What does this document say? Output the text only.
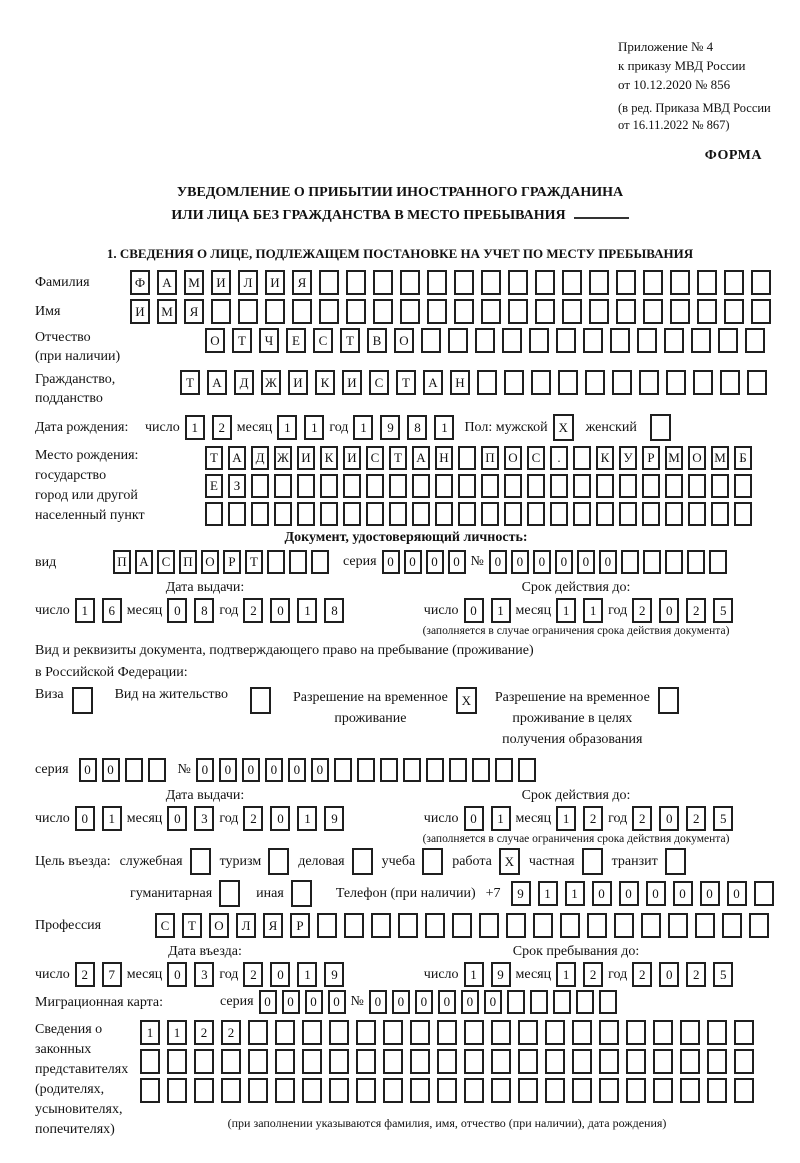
Приложение № 4
к приказу МВД России
от 10.12.2020 № 856
(в ред. Приказа МВД России
от 16.11.2022 № 867)
ФОРМА
УВЕДОМЛЕНИЕ О ПРИБЫТИИ ИНОСТРАННОГО ГРАЖДАНИНА
ИЛИ ЛИЦА БЕЗ ГРАЖДАНСТВА В МЕСТО ПРЕБЫВАНИЯ
1. СВЕДЕНИЯ О ЛИЦЕ, ПОДЛЕЖАЩЕМ ПОСТАНОВКЕ НА УЧЕТ ПО МЕСТУ ПРЕБЫВАНИЯ
Фамилия	Ф	А	М	И	Л	И	Я
Имя	И	М	Я
Отчество
(при наличии)
О	Т	Ч	Е	С	Т	В	О
Гражданство,
подданство
Т	А	Д	Ж	И	К	И	С	Т	А	Н
Дата рождения:	число 1	2 месяц 1	1 год 1	9	8	1	Пол: мужской X	женский
Место рождения:
государство
город или другой
населенный пункт
Т	А	Д Ж И	К	И	С	Т	А	Н	П	О	С	.	К	У	Р	М О М	Б
Е	З
Документ, удостоверяющий личность:
вид	П А С П О	Р	Т	серия 0	0	0	0 № 0	0	0	0	0	0
Дата выдачи:
число 1	6 месяц 0	8 год 2	0	1	8
Срок действия до:
число 0	1 месяц 1	1 год 2	0	2	5
(заполняется в случае ограничения срока действия документа)
Вид и реквизиты документа, подтверждающего право на пребывание (проживание)
в Российской Федерации:
Виза	Вид на жительство	Разрешение на временное
проживание
X	Разрешение на временное
проживание в целях
получения образования
серия	0	0	№ 0	0	0	0	0	0
Дата выдачи:
число 0	1 месяц 0	3 год 2	0	1	9
Срок действия до:
число 0	1 месяц 1	2 год 2	0	2	5
(заполняется в случае ограничения срока действия документа)
Цель въезда: служебная	туризм	деловая	учеба	работа X	частная	транзит
гуманитарная	иная	Телефон (при наличии) +7	9	1	1	0	0	0	0	0	0
Профессия	С	Т	О	Л	Я	Р
Дата въезда:
число 2	7 месяц 0	3 год 2	0	1	9
Срок пребывания до:
число 1	9 месяц 1	2 год 2	0	2	5
Миграционная карта:	серия 0	0	0	0 № 0	0	0	0	0	0
Сведения о
законных
представителях
(родителях,
усыновителях,
попечителях)
1	1	2	2
(при заполнении указываются фамилия, имя, отчество (при наличии), дата рождения)
